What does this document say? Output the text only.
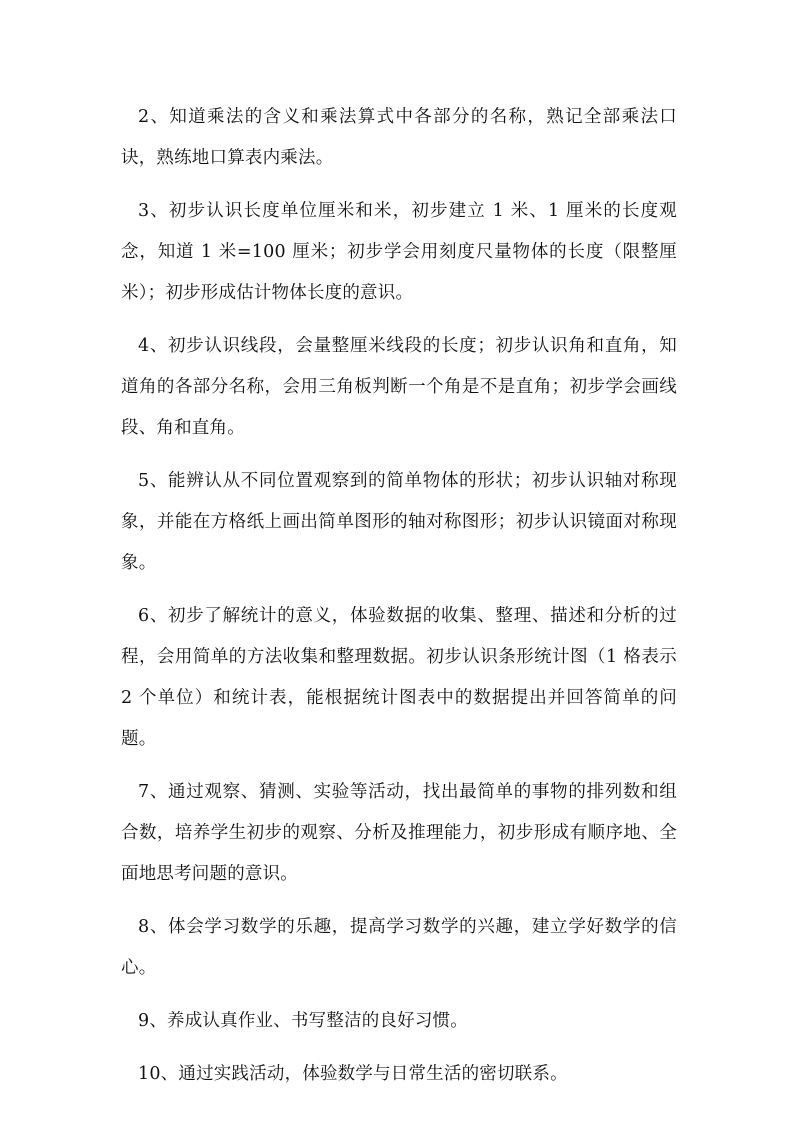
2、知道乘法的含义和乘法算式中各部分的名称，熟记全部乘法口诀，熟练地口算表内乘法。

3、初步认识长度单位厘米和米，初步建立 1 米、1 厘米的长度观念，知道 1 米=100 厘米；初步学会用刻度尺量物体的长度（限整厘米）；初步形成估计物体长度的意识。

4、初步认识线段，会量整厘米线段的长度；初步认识角和直角，知道角的各部分名称，会用三角板判断一个角是不是直角；初步学会画线段、角和直角。

5、能辨认从不同位置观察到的简单物体的形状；初步认识轴对称现象，并能在方格纸上画出简单图形的轴对称图形；初步认识镜面对称现象。

6、初步了解统计的意义，体验数据的收集、整理、描述和分析的过程，会用简单的方法收集和整理数据。初步认识条形统计图（1 格表示 2 个单位）和统计表，能根据统计图表中的数据提出并回答简单的问题。

7、通过观察、猜测、实验等活动，找出最简单的事物的排列数和组合数，培养学生初步的观察、分析及推理能力，初步形成有顺序地、全面地思考问题的意识。

8、体会学习数学的乐趣，提高学习数学的兴趣，建立学好数学的信心。

9、养成认真作业、书写整洁的良好习惯。

10、通过实践活动，体验数学与日常生活的密切联系。
